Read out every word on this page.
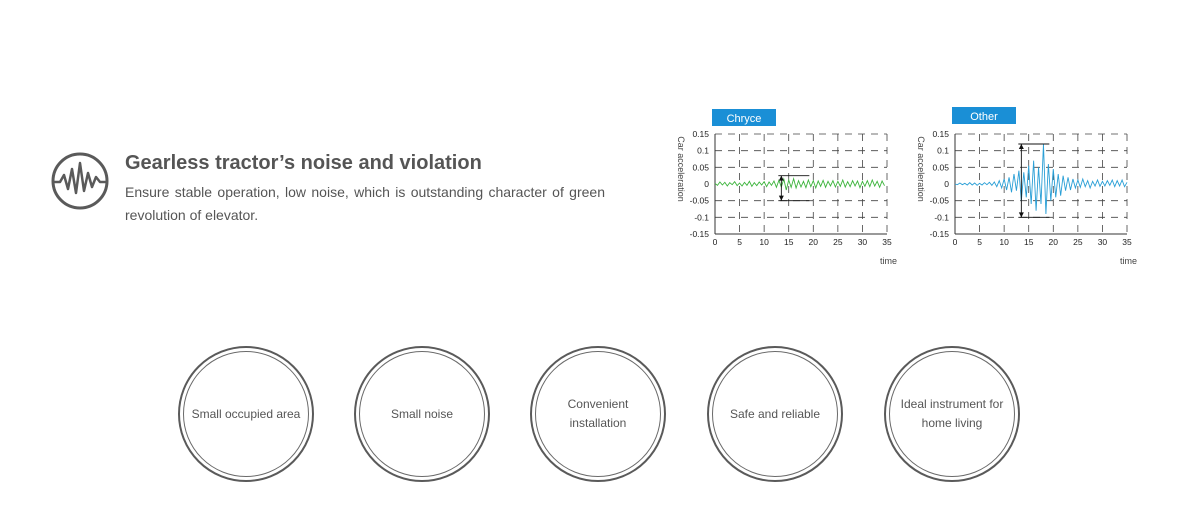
Gearless tractor’s noise and violation
Ensure stable operation, low noise, which is outstanding character of green revolution of elevator.
Chryce
0.15
0.1
0.05
0
-0.05
-0.1
-0.15
0 5 10 15 20 25 30 35
time
Car acceleration
Other
0.15
0.1
0.05
0
-0.05
-0.1
-0.15
0 5 10 15 20 25 30 35
time
Car acceleration
Small occupied area	Small noise
Convenient installation
Safe and reliable
Ideal instrument for home living
